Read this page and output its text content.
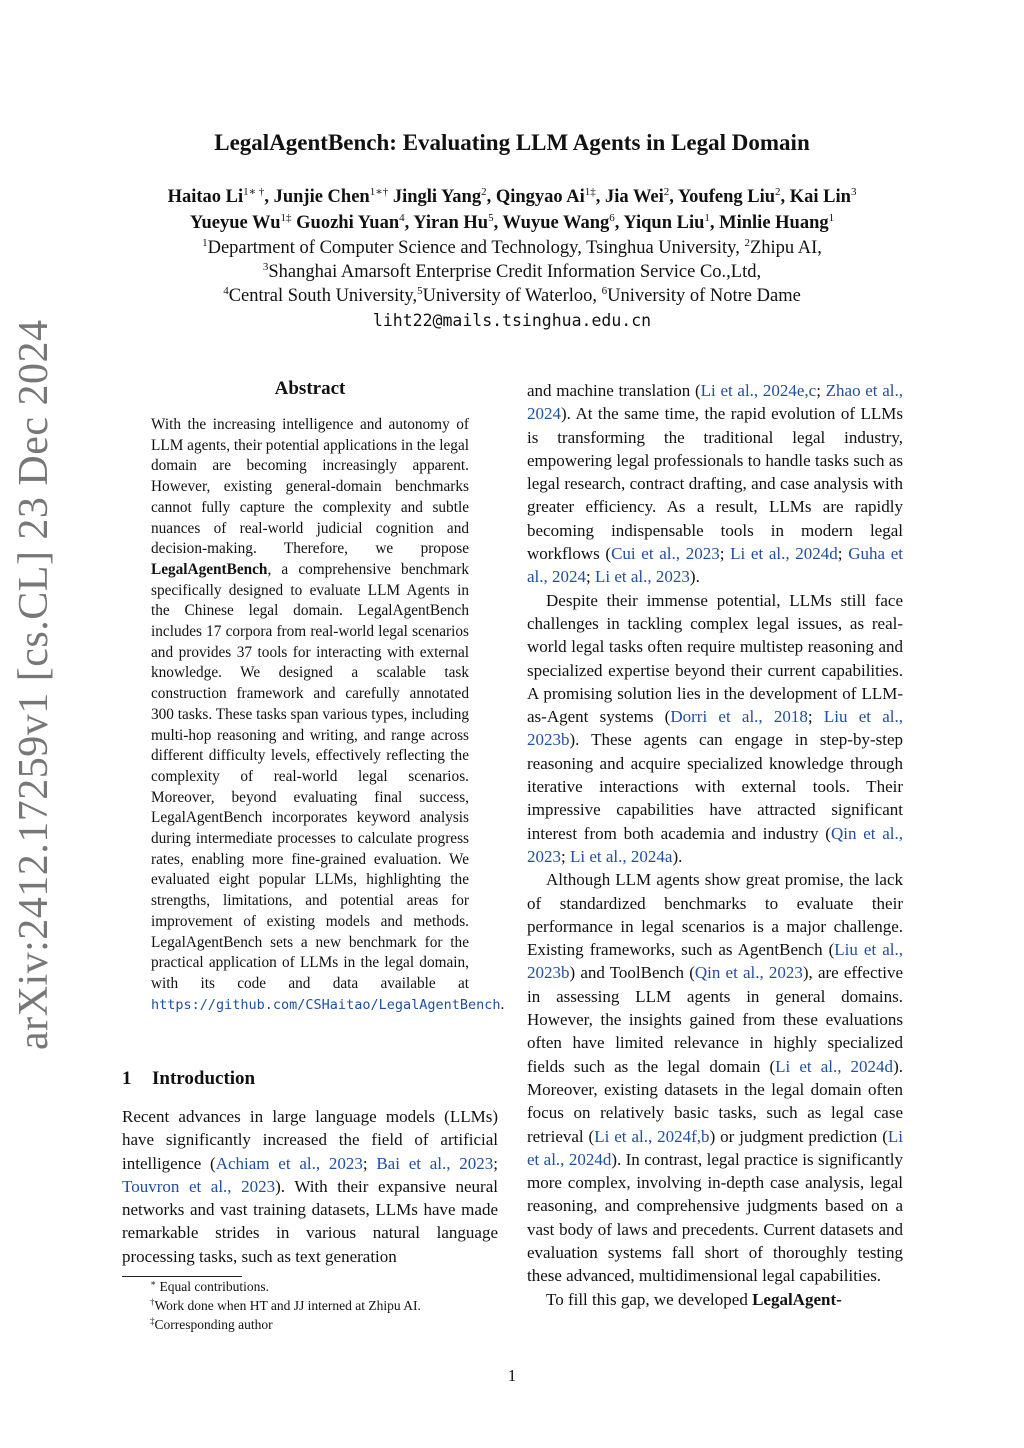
arXiv:2412.17259v1 [cs.CL] 23 Dec 2024
LegalAgentBench: Evaluating LLM Agents in Legal Domain
Haitao $Li^{1∗ \dagger}$, Junjie Chen$^{1∗\dagger}$ Jingli Yang$^2$, Qingyao $Ai^{1\ddagger}$, Jia Wei$^2$, Youfeng Liu$^2$, Kai Lin$^3$
Yueyue $Wu^{1\ddagger}$ Guozhi Yuan$^4$, Yiran Hu$^5$, Wuyue Wang$^6$, Yiqun Liu$^1$, Minlie Huang$^1$
$^1$Department of Computer Science and Technology, Tsinghua University, $^2$Zhipu AI,
$^3$Shanghai Amarsoft Enterprise Credit Information Service Co.,Ltd,
$^4$Central South University,$^5$University of Waterloo, $^6$University of Notre Dame
liht22@mails.tsinghua.edu.cn
Abstract
With the increasing intelligence and autonomy of LLM agents, their potential applications in the legal domain are becoming increasingly apparent. However, existing general-domain benchmarks cannot fully capture the complexity and subtle nuances of real-world judicial cognition and decision-making. Therefore, we propose LegalAgentBench, a comprehensive benchmark specifically designed to evaluate LLM Agents in the Chinese legal domain. LegalAgentBench includes 17 corpora from real-world legal scenarios and provides 37 tools for interacting with external knowledge. We designed a scalable task construction framework and carefully annotated 300 tasks. These tasks span various types, including multi-hop reasoning and writing, and range across different difficulty levels, effectively reflecting the complexity of real-world legal scenarios. Moreover, beyond evaluating final success, LegalAgentBench incorporates keyword analysis during intermediate processes to calculate progress rates, enabling more fine-grained evaluation. We evaluated eight popular LLMs, highlighting the strengths, limitations, and potential areas for improvement of existing models and methods. LegalAgentBench sets a new benchmark for the practical application of LLMs in the legal domain, with its code and data available at https://github.com/CSHaitao/LegalAgentBench.
1 Introduction

Recent advances in large language models (LLMs) have significantly increased the field of artificial intelligence (Achiam et al., 2023; Bai et al., 2023; Touvron et al., 2023). With their expansive neural networks and vast training datasets, LLMs have made remarkable strides in various natural language processing tasks, such as text generation

∗ Equal contributions.
†Work done when HT and JJ interned at Zhipu AI.
‡Corresponding author

and machine translation (Li et al., 2024e,c; Zhao et al., 2024). At the same time, the rapid evolution of LLMs is transforming the traditional legal industry, empowering legal professionals to handle tasks such as legal research, contract drafting, and case analysis with greater efficiency. As a result, LLMs are rapidly becoming indispensable tools in modern legal workflows (Cui et al., 2023; Li et al., 2024d; Guha et al., 2024; Li et al., 2023).

Despite their immense potential, LLMs still face challenges in tackling complex legal issues, as real-world legal tasks often require multistep reasoning and specialized expertise beyond their current capabilities. A promising solution lies in the development of LLM-as-Agent systems (Dorri et al., 2018; Liu et al., 2023b). These agents can engage in step-by-step reasoning and acquire specialized knowledge through iterative interactions with external tools. Their impressive capabilities have attracted significant interest from both academia and industry (Qin et al., 2023; Li et al., 2024a).

Although LLM agents show great promise, the lack of standardized benchmarks to evaluate their performance in legal scenarios is a major challenge. Existing frameworks, such as AgentBench (Liu et al., 2023b) and ToolBench (Qin et al., 2023), are effective in assessing LLM agents in general domains. However, the insights gained from these evaluations often have limited relevance in highly specialized fields such as the legal domain (Li et al., 2024d). Moreover, existing datasets in the legal domain often focus on relatively basic tasks, such as legal case retrieval (Li et al., 2024f,b) or judgment prediction (Li et al., 2024d). In contrast, legal practice is significantly more complex, involving in-depth case analysis, legal reasoning, and comprehensive judgments based on a vast body of laws and precedents. Current datasets and evaluation systems fall short of thoroughly testing these advanced, multidimensional legal capabilities.

To fill this gap, we developed LegalAgent-

1
